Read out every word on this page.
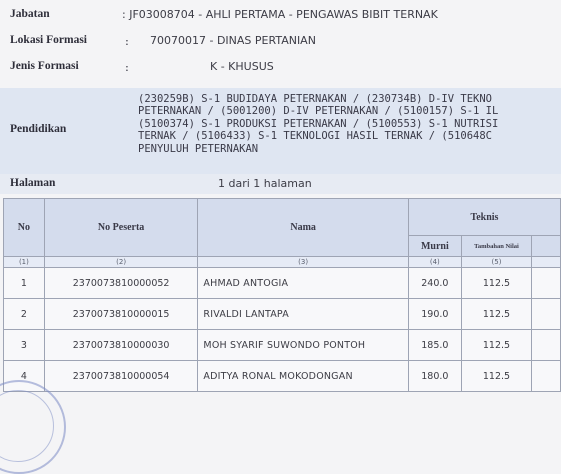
Jabatan	: JF03008704 - AHLI PERTAMA - PENGAWAS BIBIT TERNAK
Lokasi Formasi	: 70070017 - DINAS PERTANIAN
Jenis Formasi	:	K - KHUSUS
Pendidikan
(230259B) S-1 BUDIDAYA PETERNAKAN / (230734B) D-IV TEKNO
PETERNAKAN / (5001200) D-IV PETERNAKAN / (5100157) S-1 IL
(5100374) S-1 PRODUKSI PETERNAKAN / (5100553) S-1 NUTRISI
TERNAK / (5106433) S-1 TEKNOLOGI HASIL TERNAK / (510648C
PENYULUH PETERNAKAN
Halaman	1 dari 1 halaman
No	No Peserta	Nama	Teknis		
			Murni	Tambahan Nilai	
(1)	(2)	(3)	(4)	(5)	
1	2370073810000052	AHMAD ANTOGIA	240.0	112.5	
2	2370073810000015	RIVALDI LANTAPA	190.0	112.5	
3	2370073810000030	MOH SYARIF SUWONDO PONTOH	185.0	112.5	
4	2370073810000054	ADITYA RONAL MOKODONGAN	180.0	112.5	
